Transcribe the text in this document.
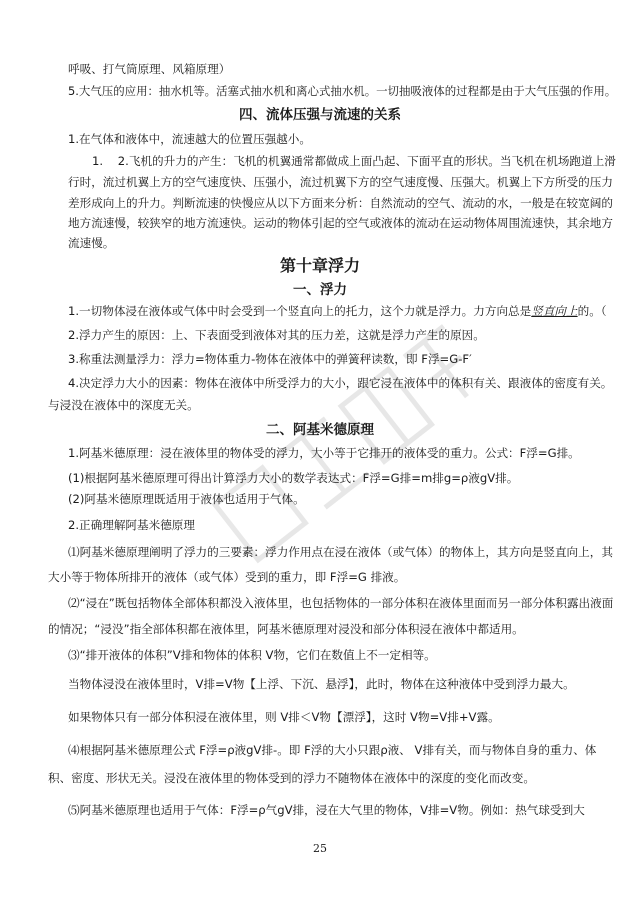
呼吸、打气筒原理、风箱原理）
5.大气压的应用：抽水机等。活塞式抽水机和离心式抽水机。一切抽吸液体的过程都是由于大气压强的作用。
四、流体压强与流速的关系
1.在气体和液体中，流速越大的位置压强越小。
1.    2.飞机的升力的产生：飞机的机翼通常都做成上面凸起、下面平直的形状。当飞机在机场跑道上滑
行时，流过机翼上方的空气速度快、压强小，流过机翼下方的空气速度慢、压强大。机翼上下方所受的压力
差形成向上的升力。判断流速的快慢应从以下方面来分析：自然流动的空气、流动的水，一般是在较宽阔的
地方流速慢，较狭窄的地方流速快。运动的物体引起的空气或液体的流动在运动物体周围流速快，其余地方
流速慢。
第十章浮力
一、浮力
1.一切物体浸在液体或气体中时会受到一个竖直向上的托力，这个力就是浮力。力方向总是竖直向上的。（
2.浮力产生的原因：上、下表面受到液体对其的压力差，这就是浮力产生的原因。
3.称重法测量浮力：浮力=物体重力-物体在液体中的弹簧秤读数，即 F浮=G-F′
4.决定浮力大小的因素：物体在液体中所受浮力的大小，跟它浸在液体中的体积有关、跟液体的密度有关。
与浸没在液体中的深度无关。
二、阿基米德原理
1.阿基米德原理：浸在液体里的物体受的浮力，大小等于它排开的液体受的重力。公式：F浮=G排。
(1)根据阿基米德原理可得出计算浮力大小的数学表达式：F浮=G排=m排g=ρ液gV排。
(2)阿基米德原理既适用于液体也适用于气体。
2.正确理解阿基米德原理
⑴阿基米德原理阐明了浮力的三要素：浮力作用点在浸在液体（或气体）的物体上，其方向是竖直向上，其
大小等于物体所排开的液体（或气体）受到的重力，即 F浮=G 排液。
⑵“浸在”既包括物体全部体积都没入液体里，也包括物体的一部分体积在液体里面而另一部分体积露出液面
的情况；“浸没”指全部体积都在液体里，阿基米德原理对浸没和部分体积浸在液体中都适用。
⑶“排开液体的体积”V排和物体的体积 V物，它们在数值上不一定相等。
当物体浸没在液体里时，V排=V物【上浮、下沉、悬浮】，此时，物体在这种液体中受到浮力最大。
如果物体只有一部分体积浸在液体里，则 V排＜V物【漂浮】，这时 V物=V排+V露。
⑷根据阿基米德原理公式 F浮=ρ液gV排-。即 F浮的大小只跟ρ液、 V排有关，而与物体自身的重力、体
积、密度、形状无关。浸没在液体里的物体受到的浮力不随物体在液体中的深度的变化而改变。
⑸阿基米德原理也适用于气体：F浮=ρ气gV排，浸在大气里的物体，V排=V物。例如：热气球受到大
25
